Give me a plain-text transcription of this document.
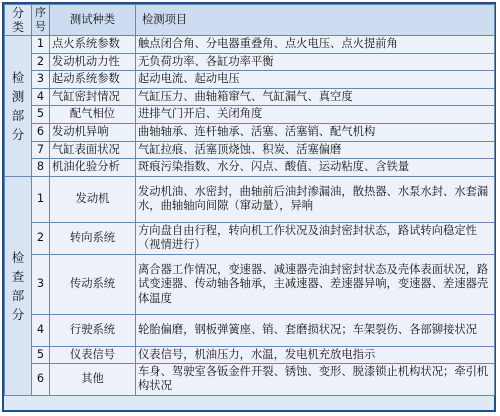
分类	序号	测试种类	检测项目

检测部分	1	点火系统参数	触点闭合角、分电器重叠角、点火电压、点火提前角
	2	发动机动力性	无负荷功率、各缸功率平衡
	3	起动系统参数	起动电流、起动电压
	4	气缸密封情况	气缸压力、曲轴箱窜气、气缸漏气、真空度
	5	配气相位	进排气门开启、关闭角度
	6	发动机异响	曲轴轴承、连杆轴承、活塞、活塞销、配气机构
	7	气缸表面状况	气缸拉痕、活塞顶烧蚀、积炭、活塞偏磨
	8	机油化验分析	斑痕污染指数、水分、闪点、酸值、运动粘度、含铁量

检查部分	1	发动机	发动机油、水密封，曲轴前后油封渗漏油，散热器、水泵水封、水套漏水，曲轴轴向间隙（窜动量），异响
	2	转向系统	方向盘自由行程，转向机工作状况及油封密封状态，路试转向稳定性（视情进行）
	3	传动系统	离合器工作情况，变速器、减速器壳油封密封状态及壳体表面状况，路试变速器、传动轴各轴承，主减速器、差速器异响，变速器、差速器壳体温度
	4	行驶系统	轮胎偏磨，钢板弹簧座、销、套磨损状况；车架裂伤、各部铆接状况
	5	仪表信号	仪表信号，机油压力，水温，发电机充放电指示
	6	其他	车身、驾驶室各钣金件开裂、锈蚀、变形、脱漆锁止机构状况；牵引机构状况
